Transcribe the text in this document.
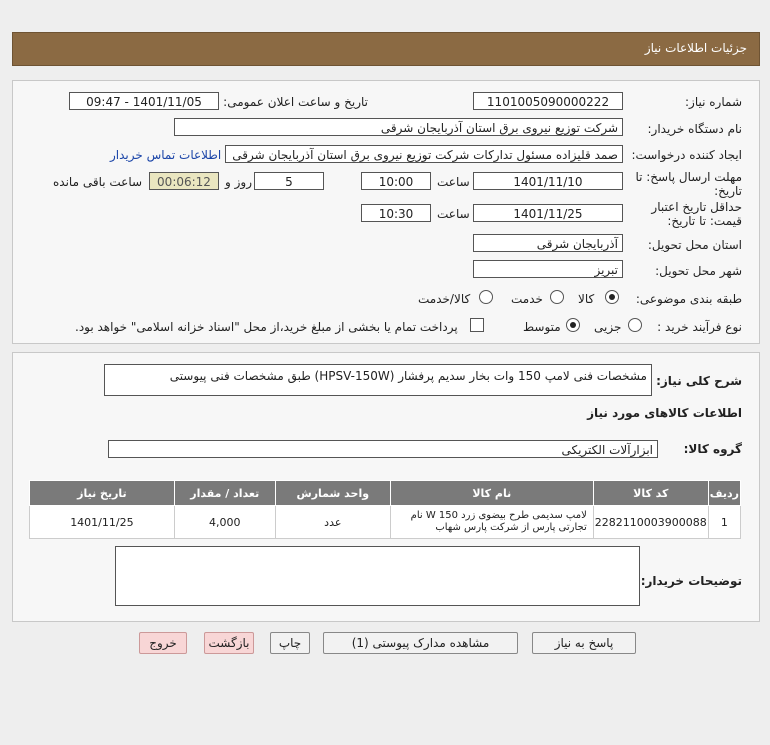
جزئیات اطلاعات نیاز
شماره نیاز:
1101005090000222
تاریخ و ساعت اعلان عمومی:
1401/11/05 - 09:47
نام دستگاه خریدار:
شرکت توزیع نیروی برق استان آذربایجان شرقی
ایجاد کننده درخواست:
صمد قلیزاده مسئول تدارکات شرکت توزیع نیروی برق استان آذربایجان شرقی
اطلاعات تماس خریدار
مهلت ارسال پاسخ: تا
تاریخ:
1401/11/10
ساعت
10:00
5
روز و
00:06:12
ساعت باقی مانده
حداقل تاریخ اعتبار
قیمت: تا تاریخ:
1401/11/25
ساعت
10:30
استان محل تحویل:
آذربایجان شرقی
شهر محل تحویل:
تبریز
طبقه بندی موضوعی:
کالا
خدمت
کالا/خدمت
نوع فرآیند خرید :
جزیی
متوسط
پرداخت تمام یا بخشی از مبلغ خرید،از محل "اسناد خزانه اسلامی" خواهد بود.
شرح کلی نیاز:
مشخصات فنی لامپ 150 وات بخار سدیم پرفشار (HPSV-150W) طبق مشخصات فنی پیوستی
اطلاعات کالاهای مورد نیاز
گروه کالا:
ابزارآلات الکتریکی
ردیف	کد کالا	نام کالا	واحد شمارش	تعداد / مقدار	تاریخ نیاز
1	2282110003900088	لامپ سدیمی طرح بیضوی زرد W 150 نام تجارتی پارس از شرکت پارس شهاب	عدد	4,000	1401/11/25
توضیحات خریدار:
پاسخ به نیاز
مشاهده مدارک پیوستی (1)
چاپ
بازگشت
خروج
